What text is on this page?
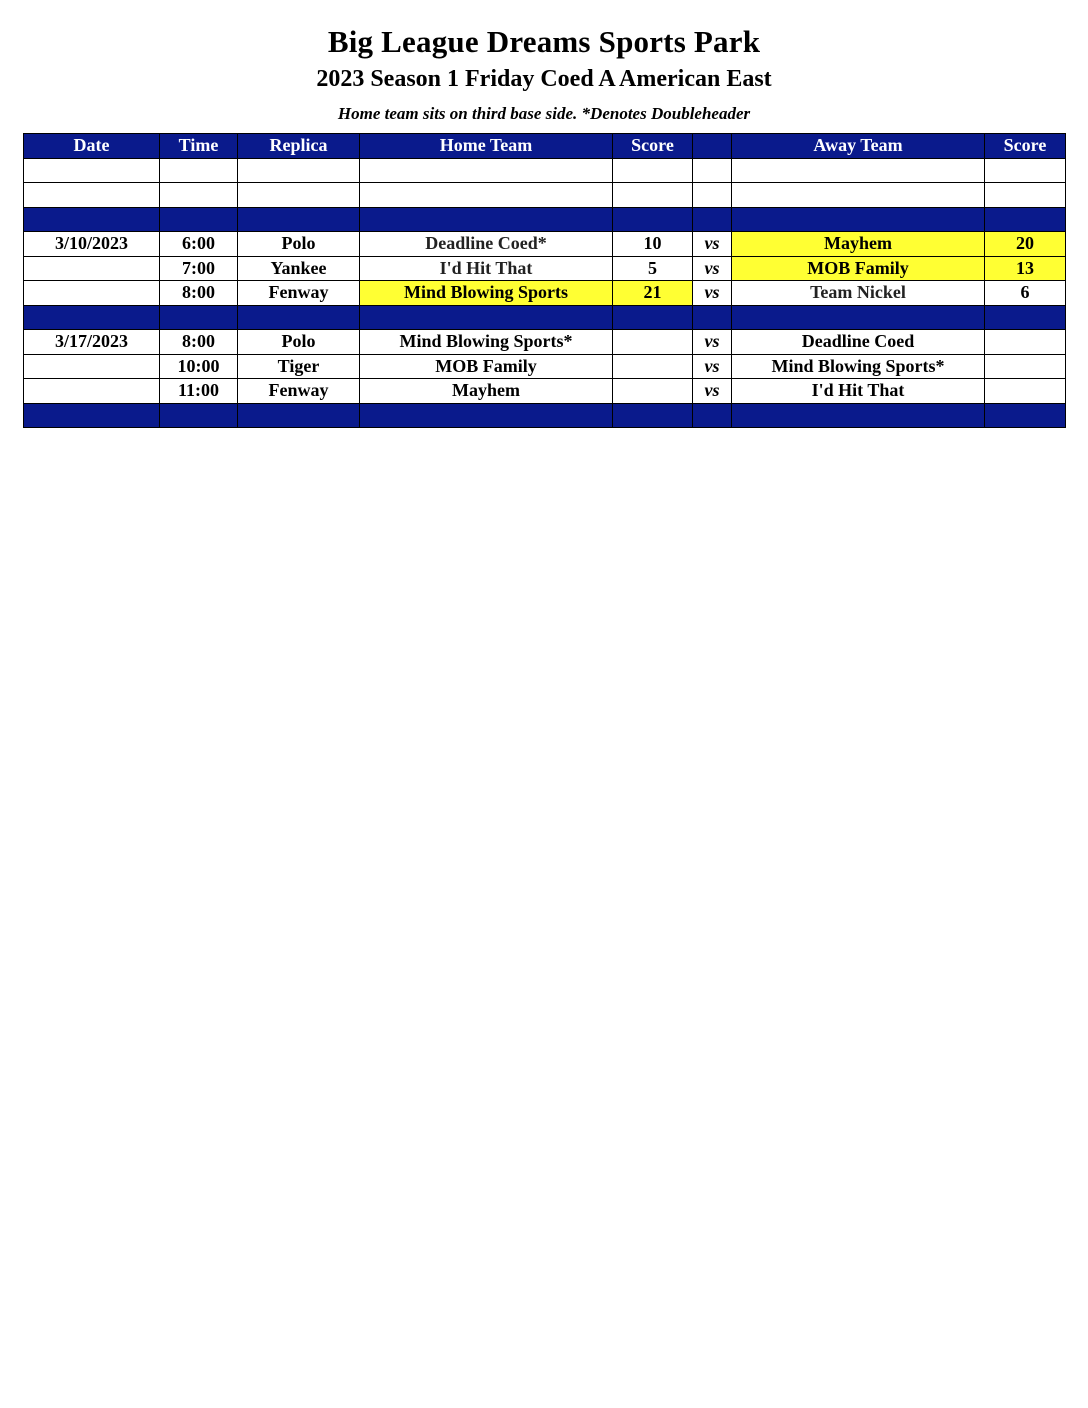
Big League Dreams Sports Park
2023 Season 1 Friday Coed A American East
Home team sits on third base side. *Denotes Doubleheader
Date	Time	Replica	Home Team	Score		Away Team	Score

3/10/2023	6:00	Polo	Deadline Coed*	10	vs	Mayhem	20
	7:00	Yankee	I'd Hit That	5	vs	MOB Family	13
	8:00	Fenway	Mind Blowing Sports	21	vs	Team Nickel	6

3/17/2023	8:00	Polo	Mind Blowing Sports*		vs	Deadline Coed	
	10:00	Tiger	MOB Family		vs	Mind Blowing Sports*	
	11:00	Fenway	Mayhem		vs	I'd Hit That	
